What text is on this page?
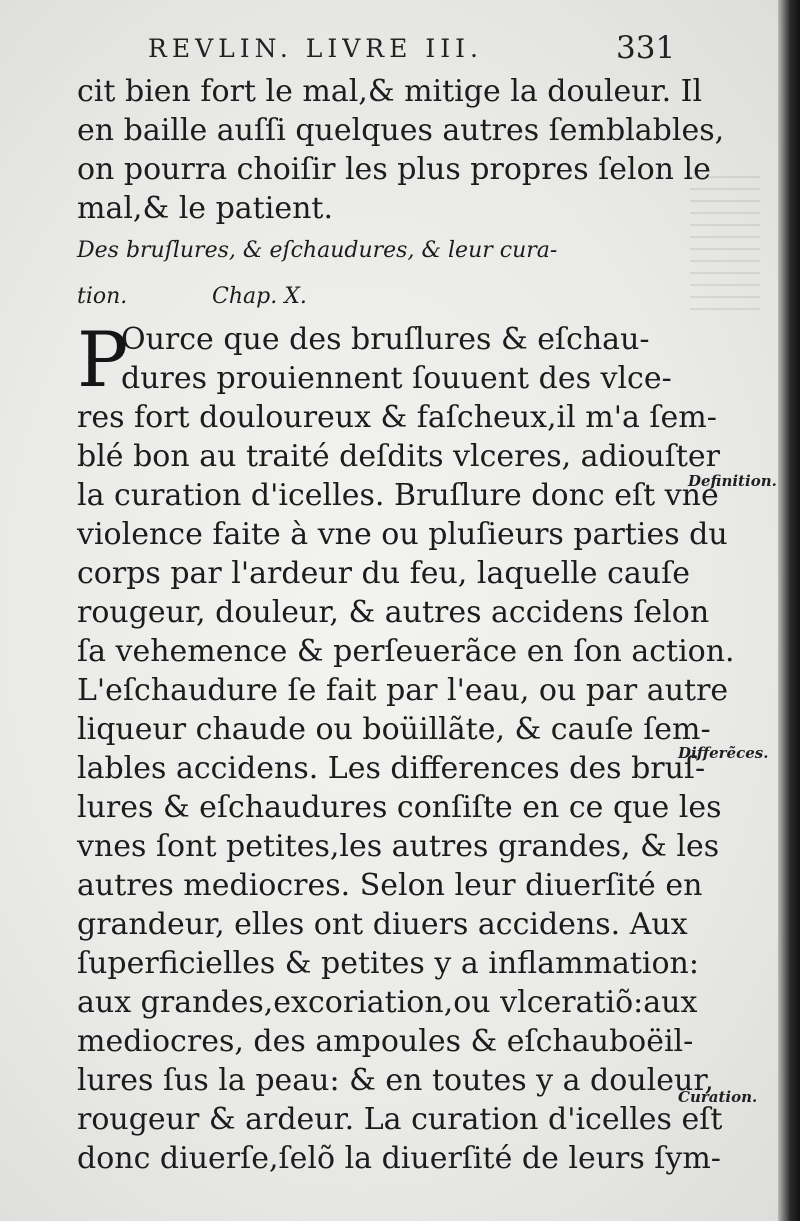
REVLIN. LIVRE III.	331
cit bien fort le mal,& mitige la douleur. Il
en baille auſſi quelques autres ſemblables,
on pourra choiſir les plus propres ſelon le
mal,& le patient.
Des bruſlures, & eſchaudures, & leur cura-
tion.	Chap. X.
P
Ource que des bruſlures & eſchau-
dures prouiennent ſouuent des vlce-
res fort douloureux & faſcheux,il m'a ſem-
blé bon au traité deſdits vlceres, adiouſter
la curation d'icelles. Bruſlure donc eſt vne
violence faite à vne ou pluſieurs parties du
corps par l'ardeur du feu, laquelle cauſe
rougeur, douleur, & autres accidens ſelon
ſa vehemence & perſeuerãce en ſon action.
L'eſchaudure ſe fait par l'eau, ou par autre
liqueur chaude ou boüillãte, & cauſe ſem-
lables accidens. Les differences des bruſ-
lures & eſchaudures conſiſte en ce que les
vnes ſont petites,les autres grandes, & les
autres mediocres. Selon leur diuerſité en
grandeur, elles ont diuers accidens. Aux
ſuperficielles & petites y a inflammation:
aux grandes,excoriation,ou vlceratiõ:aux
mediocres, des ampoules & eſchauboëil-
lures ſus la peau: & en toutes y a douleur,
rougeur & ardeur. La curation d'icelles eſt
donc diuerſe,ſelõ la diuerſité de leurs ſym-
Definition.
Differẽces.
Curation.
